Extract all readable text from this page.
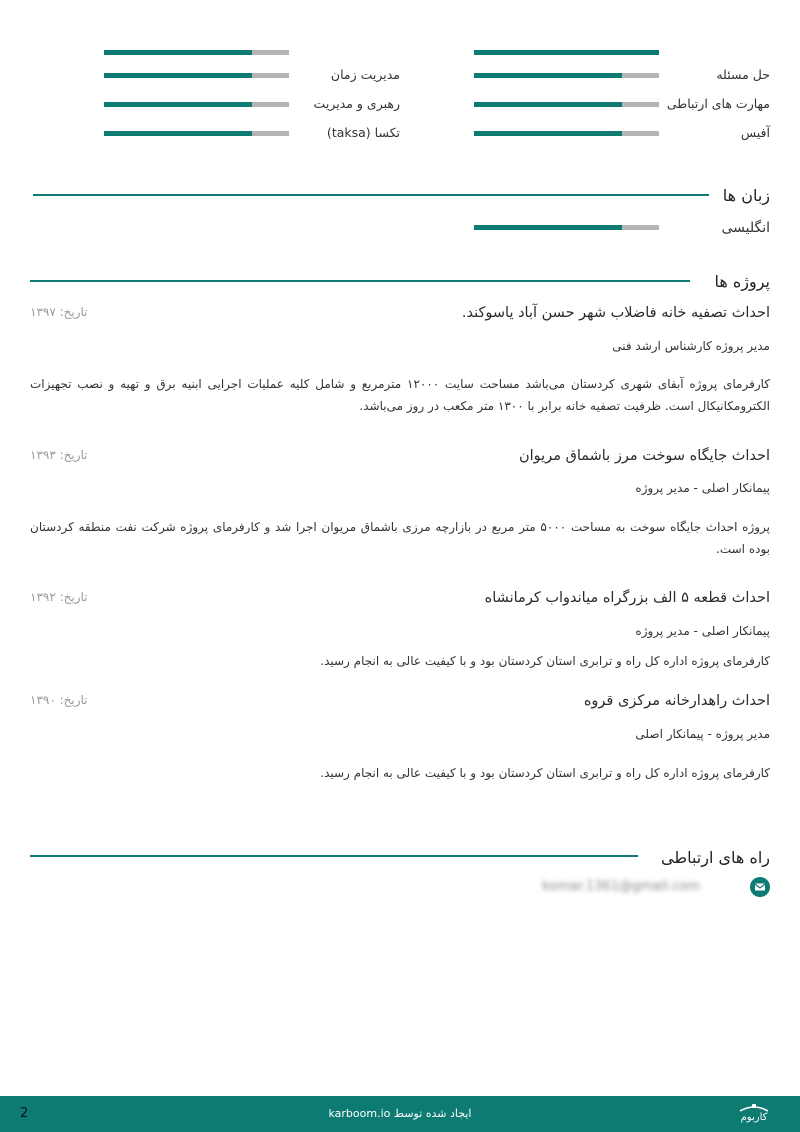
حل مسئله
مهارت های ارتباطی
آفیس
مدیریت زمان
رهبری و مدیریت
تکسا (taksa)
زبان ها
انگلیسی
پروژه ها
احداث تصفیه خانه فاضلاب شهر حسن آباد یاسوکند.
تاریخ: ۱۳۹۷
مدیر پروژه کارشناس ارشد فنی
کارفرمای پروژه آبفای شهری کردستان می‌باشد مساحت سایت ۱۲۰۰۰ مترمربع و شامل کلیه عملیات اجرایی ابنیه برق و تهیه و نصب تجهیزات الکترومکانیکال است. ظرفیت تصفیه خانه برابر با ۱۳۰۰ متر مکعب در روز می‌باشد.
احداث جایگاه سوخت مرز باشماق مریوان
تاریخ: ۱۳۹۳
پیمانکار اصلی - مدیر پروژه
پروژه احداث جایگاه سوخت به مساحت ۵۰۰۰ متر مربع در بازارچه مرزی باشماق مریوان اجرا شد و کارفرمای پروژه شرکت نفت منطقه کردستان بوده است.
احداث قطعه ۵ الف بزرگراه میاندواب کرمانشاه
تاریخ: ۱۳۹۲
پیمانکار اصلی - مدیر پروژه
کارفرمای پروژه اداره کل راه و ترابری استان کردستان بود و با کیفیت عالی به انجام رسید.
احداث راهدارخانه مرکزی قروه
تاریخ: ۱۳۹۰
مدیر پروژه - پیمانکار اصلی
کارفرمای پروژه اداره کل راه و ترابری استان کردستان بود و با کیفیت عالی به انجام رسید.
راه های ارتباطی
komar.1361@gmail.com
2	ایجاد شده توسط karboom.io	کاربوم
